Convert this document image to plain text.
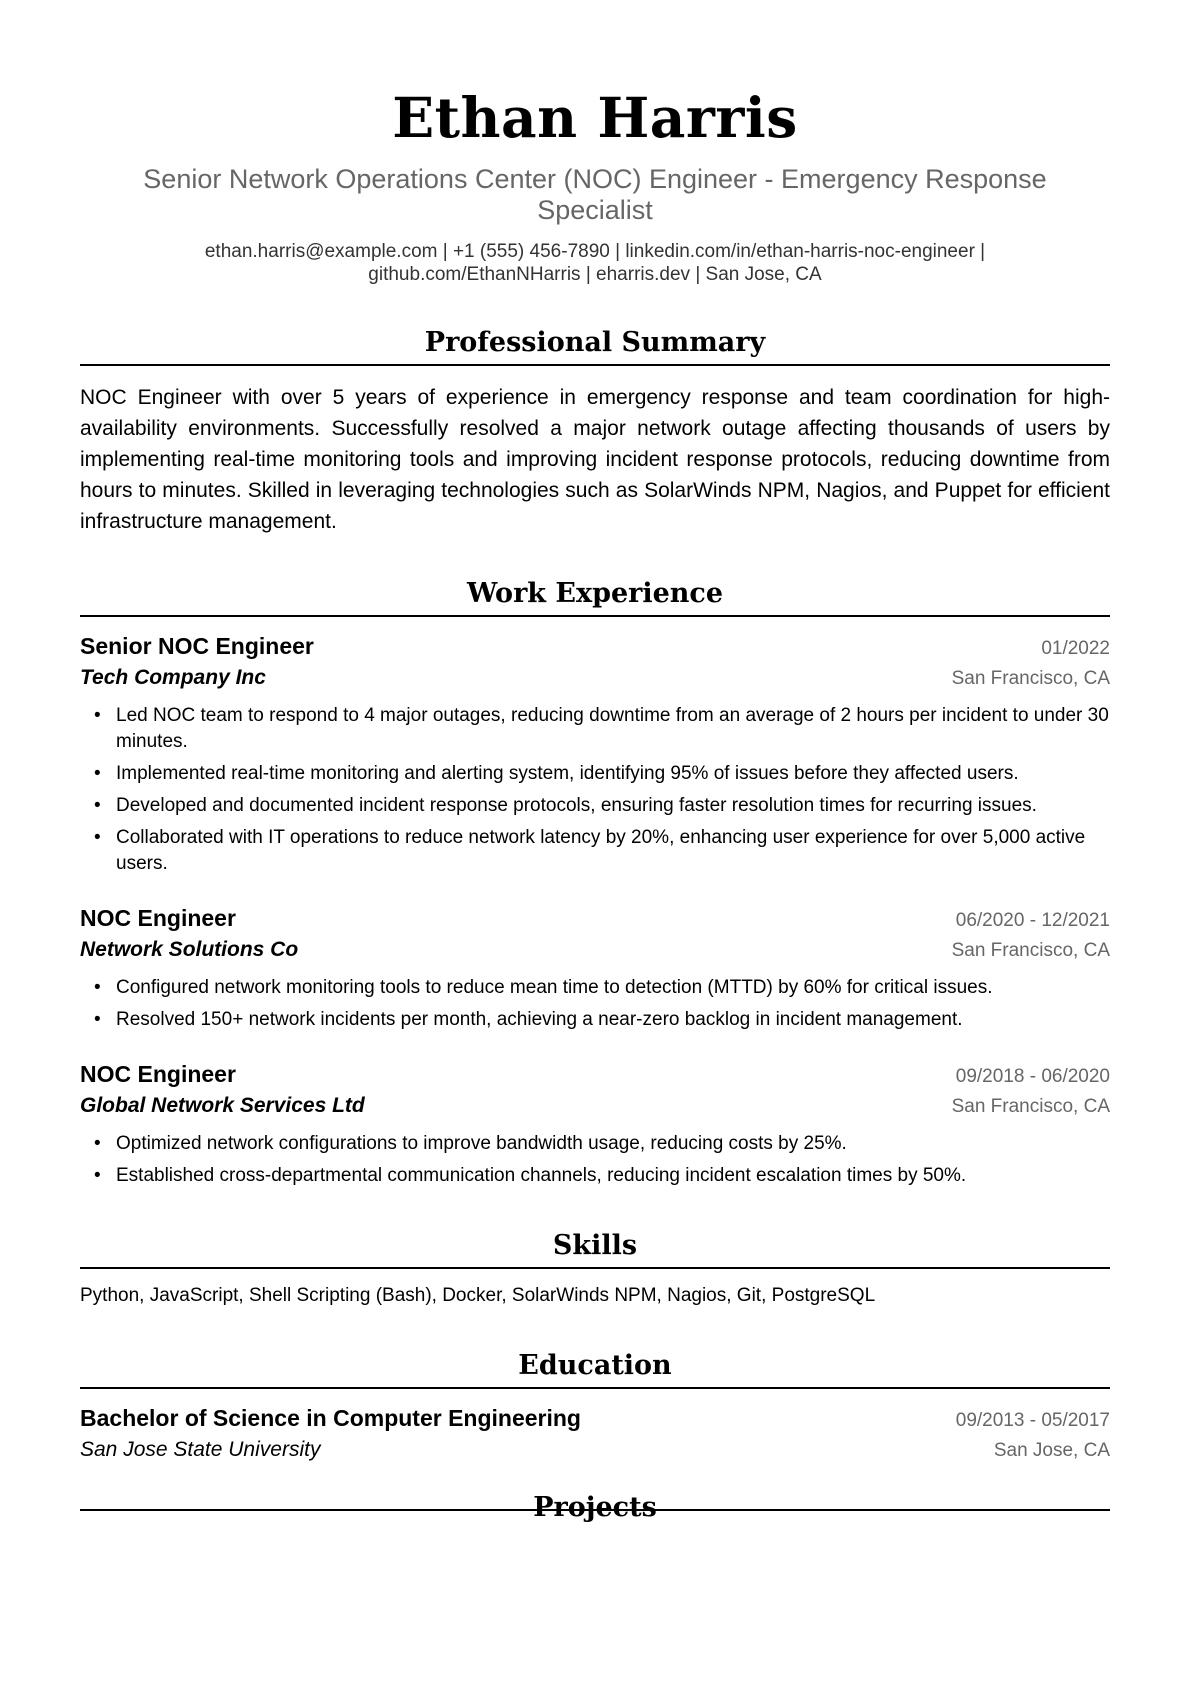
Ethan Harris
Senior Network Operations Center (NOC) Engineer - Emergency Response Specialist
ethan.harris@example.com | +1 (555) 456-7890 | linkedin.com/in/ethan-harris-noc-engineer | github.com/EthanNHarris | eharris.dev | San Jose, CA
Professional Summary

NOC Engineer with over 5 years of experience in emergency response and team coordination for high-availability environments. Successfully resolved a major network outage affecting thousands of users by implementing real-time monitoring tools and improving incident response protocols, reducing downtime from hours to minutes. Skilled in leveraging technologies such as SolarWinds NPM, Nagios, and Puppet for efficient infrastructure management.

Work Experience
Senior NOC Engineer	01/2022
Tech Company Inc	San Francisco, CA
• Led NOC team to respond to 4 major outages, reducing downtime from an average of 2 hours per incident to under 30 minutes.
• Implemented real-time monitoring and alerting system, identifying 95% of issues before they affected users.
• Developed and documented incident response protocols, ensuring faster resolution times for recurring issues.
• Collaborated with IT operations to reduce network latency by 20%, enhancing user experience for over 5,000 active users.
NOC Engineer	06/2020 - 12/2021
Network Solutions Co	San Francisco, CA
• Configured network monitoring tools to reduce mean time to detection (MTTD) by 60% for critical issues.
• Resolved 150+ network incidents per month, achieving a near-zero backlog in incident management.
NOC Engineer	09/2018 - 06/2020
Global Network Services Ltd	San Francisco, CA
• Optimized network configurations to improve bandwidth usage, reducing costs by 25%.
• Established cross-departmental communication channels, reducing incident escalation times by 50%.
Skills

Python, JavaScript, Shell Scripting (Bash), Docker, SolarWinds NPM, Nagios, Git, PostgreSQL

Education
Bachelor of Science in Computer Engineering	09/2013 - 05/2017
San Jose State University	San Jose, CA
Projects
